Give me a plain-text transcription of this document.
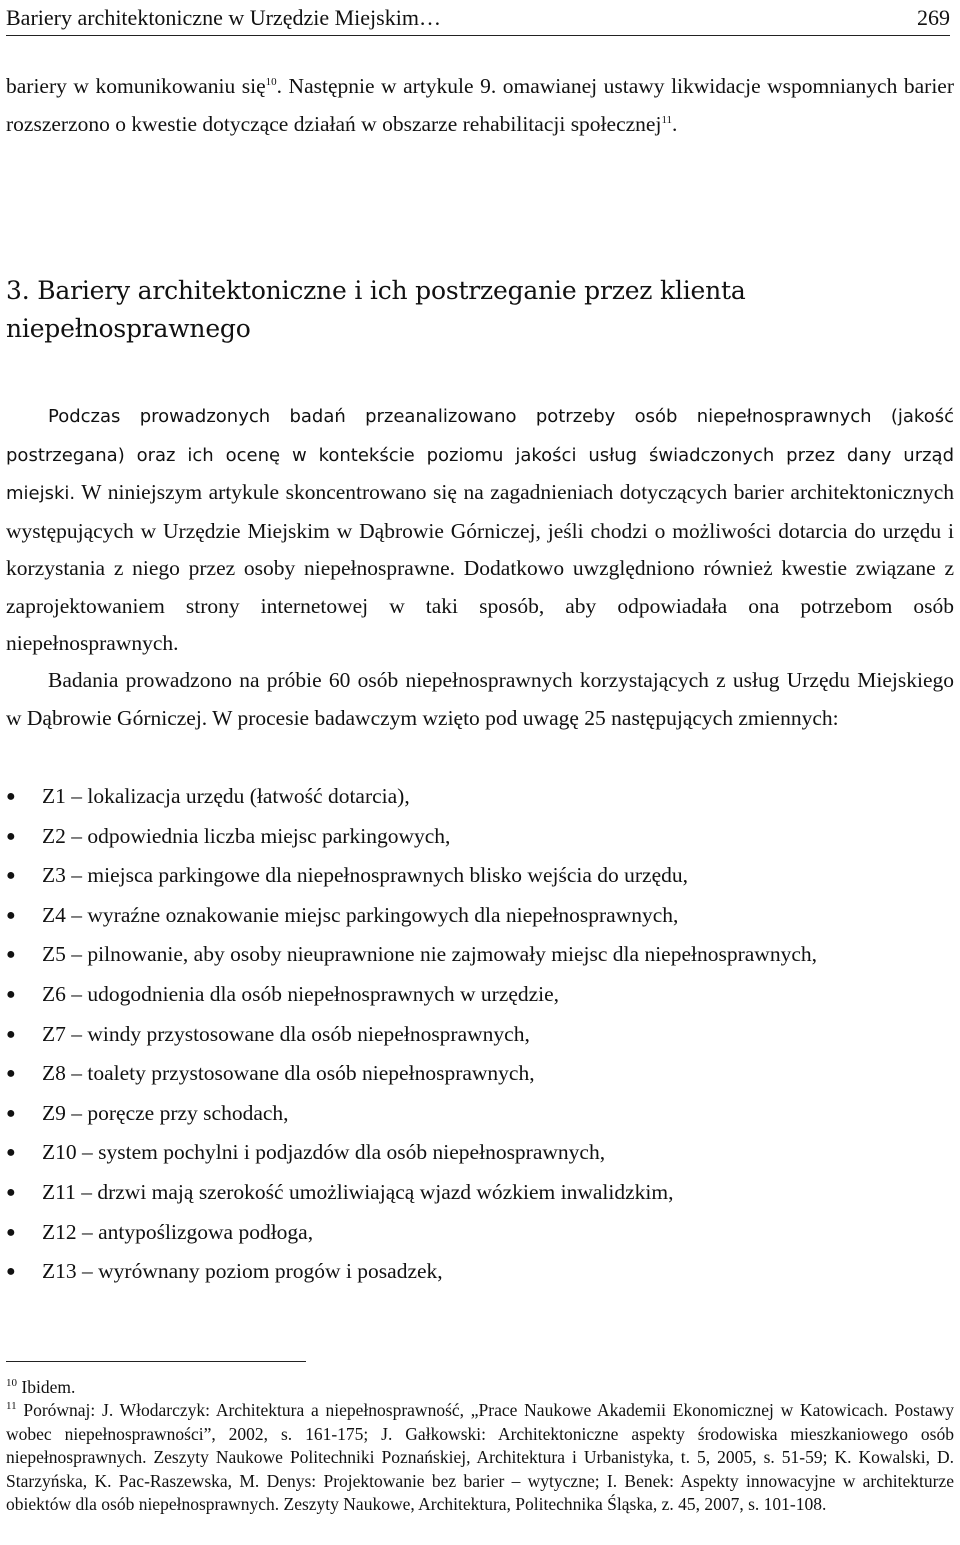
Bariery architektoniczne w Urzędzie Miejskim…	269

bariery w komunikowaniu się$^{10}$. Następnie w artykule 9. omawianej ustawy likwidacje wspomnianych barier rozszerzono o kwestie dotyczące działań w obszarze rehabilitacji społecznej$^{11}$.

3. Bariery architektoniczne i ich postrzeganie przez klienta niepełnosprawnego

Podczas prowadzonych badań przeanalizowano potrzeby osób niepełnosprawnych (jakość postrzegana) oraz ich ocenę w kontekście poziomu jakości usług świadczonych przez dany urząd miejski. W niniejszym artykule skoncentrowano się na zagadnieniach dotyczących barier architektonicznych występujących w Urzędzie Miejskim w Dąbrowie Górniczej, jeśli chodzi o możliwości dotarcia do urzędu i korzystania z niego przez osoby niepełnosprawne. Dodatkowo uwzględniono również kwestie związane z zaprojektowaniem strony internetowej w taki sposób, aby odpowiadała ona potrzebom osób niepełnosprawnych.

Badania prowadzono na próbie 60 osób niepełnosprawnych korzystających z usług Urzędu Miejskiego w Dąbrowie Górniczej. W procesie badawczym wzięto pod uwagę 25 następujących zmiennych:

● Z1 – lokalizacja urzędu (łatwość dotarcia),
● Z2 – odpowiednia liczba miejsc parkingowych,
● Z3 – miejsca parkingowe dla niepełnosprawnych blisko wejścia do urzędu,
● Z4 – wyraźne oznakowanie miejsc parkingowych dla niepełnosprawnych,
● Z5 – pilnowanie, aby osoby nieuprawnione nie zajmowały miejsc dla niepełnosprawnych,
● Z6 – udogodnienia dla osób niepełnosprawnych w urzędzie,
● Z7 – windy przystosowane dla osób niepełnosprawnych,
● Z8 – toalety przystosowane dla osób niepełnosprawnych,
● Z9 – poręcze przy schodach,
● Z10 – system pochylni i podjazdów dla osób niepełnosprawnych,
● Z11 – drzwi mają szerokość umożliwiającą wjazd wózkiem inwalidzkim,
● Z12 – antypoślizgowa podłoga,
● Z13 – wyrównany poziom progów i posadzek,

$^{10}$ Ibidem.

$^{11}$ Porównaj: J. Włodarczyk: Architektura a niepełnosprawność, „Prace Naukowe Akademii Ekonomicznej w Katowicach. Postawy wobec niepełnosprawności”, 2002, s. 161-175; J. Gałkowski: Architektoniczne aspekty środowiska mieszkaniowego osób niepełnosprawnych. Zeszyty Naukowe Politechniki Poznańskiej, Architektura i Urbanistyka, t. 5, 2005, s. 51-59; K. Kowalski, D. Starzyńska, K. Pac-Raszewska, M. Denys: Projektowanie bez barier – wytyczne; I. Benek: Aspekty innowacyjne w architekturze obiektów dla osób niepełnosprawnych. Zeszyty Naukowe, Architektura, Politechnika Śląska, z. 45, 2007, s. 101-108.
